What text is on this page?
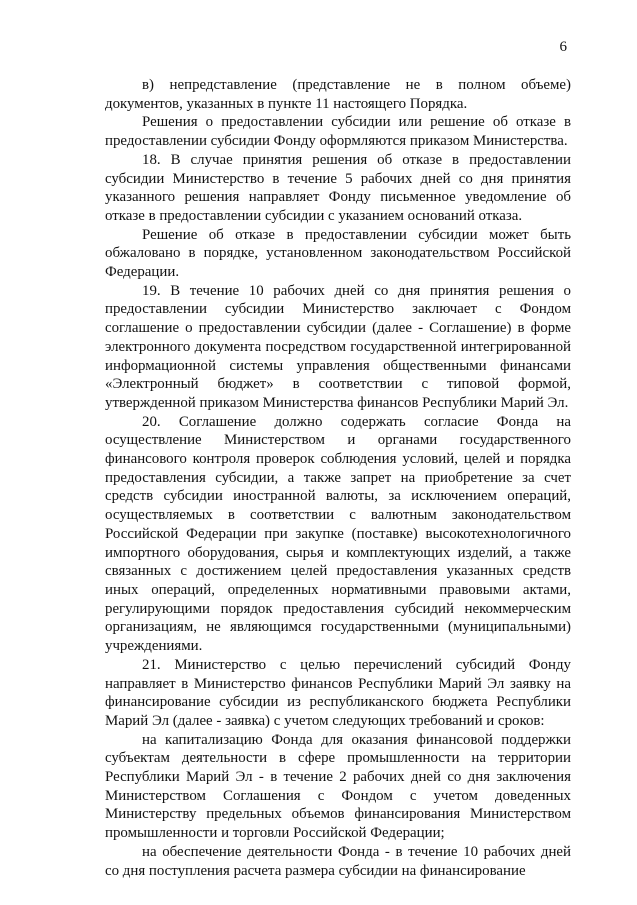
6

в) непредставление (представление не в полном объеме) документов, указанных в пункте 11 настоящего Порядка.

Решения о предоставлении субсидии или решение об отказе в предоставлении субсидии Фонду оформляются приказом Министерства.

18. В случае принятия решения об отказе в предоставлении субсидии Министерство в течение 5 рабочих дней со дня принятия указанного решения направляет Фонду письменное уведомление об отказе в предоставлении субсидии с указанием оснований отказа.

Решение об отказе в предоставлении субсидии может быть обжаловано в порядке, установленном законодательством Российской Федерации.

19. В течение 10 рабочих дней со дня принятия решения о предоставлении субсидии Министерство заключает с Фондом соглашение о предоставлении субсидии (далее - Соглашение) в форме электронного документа посредством государственной интегрированной информационной системы управления общественными финансами «Электронный бюджет» в соответствии с типовой формой, утвержденной приказом Министерства финансов Республики Марий Эл.

20. Соглашение должно содержать согласие Фонда на осуществление Министерством и органами государственного финансового контроля проверок соблюдения условий, целей и порядка предоставления субсидии, а также запрет на приобретение за счет средств субсидии иностранной валюты, за исключением операций, осуществляемых в соответствии с валютным законодательством Российской Федерации при закупке (поставке) высокотехнологичного импортного оборудования, сырья и комплектующих изделий, а также связанных с достижением целей предоставления указанных средств иных операций, определенных нормативными правовыми актами, регулирующими порядок предоставления субсидий некоммерческим организациям, не являющимся государственными (муниципальными) учреждениями.

21. Министерство с целью перечислений субсидий Фонду направляет в Министерство финансов Республики Марий Эл заявку на финансирование субсидии из республиканского бюджета Республики Марий Эл (далее - заявка) с учетом следующих требований и сроков:

на капитализацию Фонда для оказания финансовой поддержки субъектам деятельности в сфере промышленности на территории Республики Марий Эл - в течение 2 рабочих дней со дня заключения Министерством Соглашения с Фондом с учетом доведенных Министерству предельных объемов финансирования Министерством промышленности и торговли Российской Федерации;

на обеспечение деятельности Фонда - в течение 10 рабочих дней со дня поступления расчета размера субсидии на финансирование
